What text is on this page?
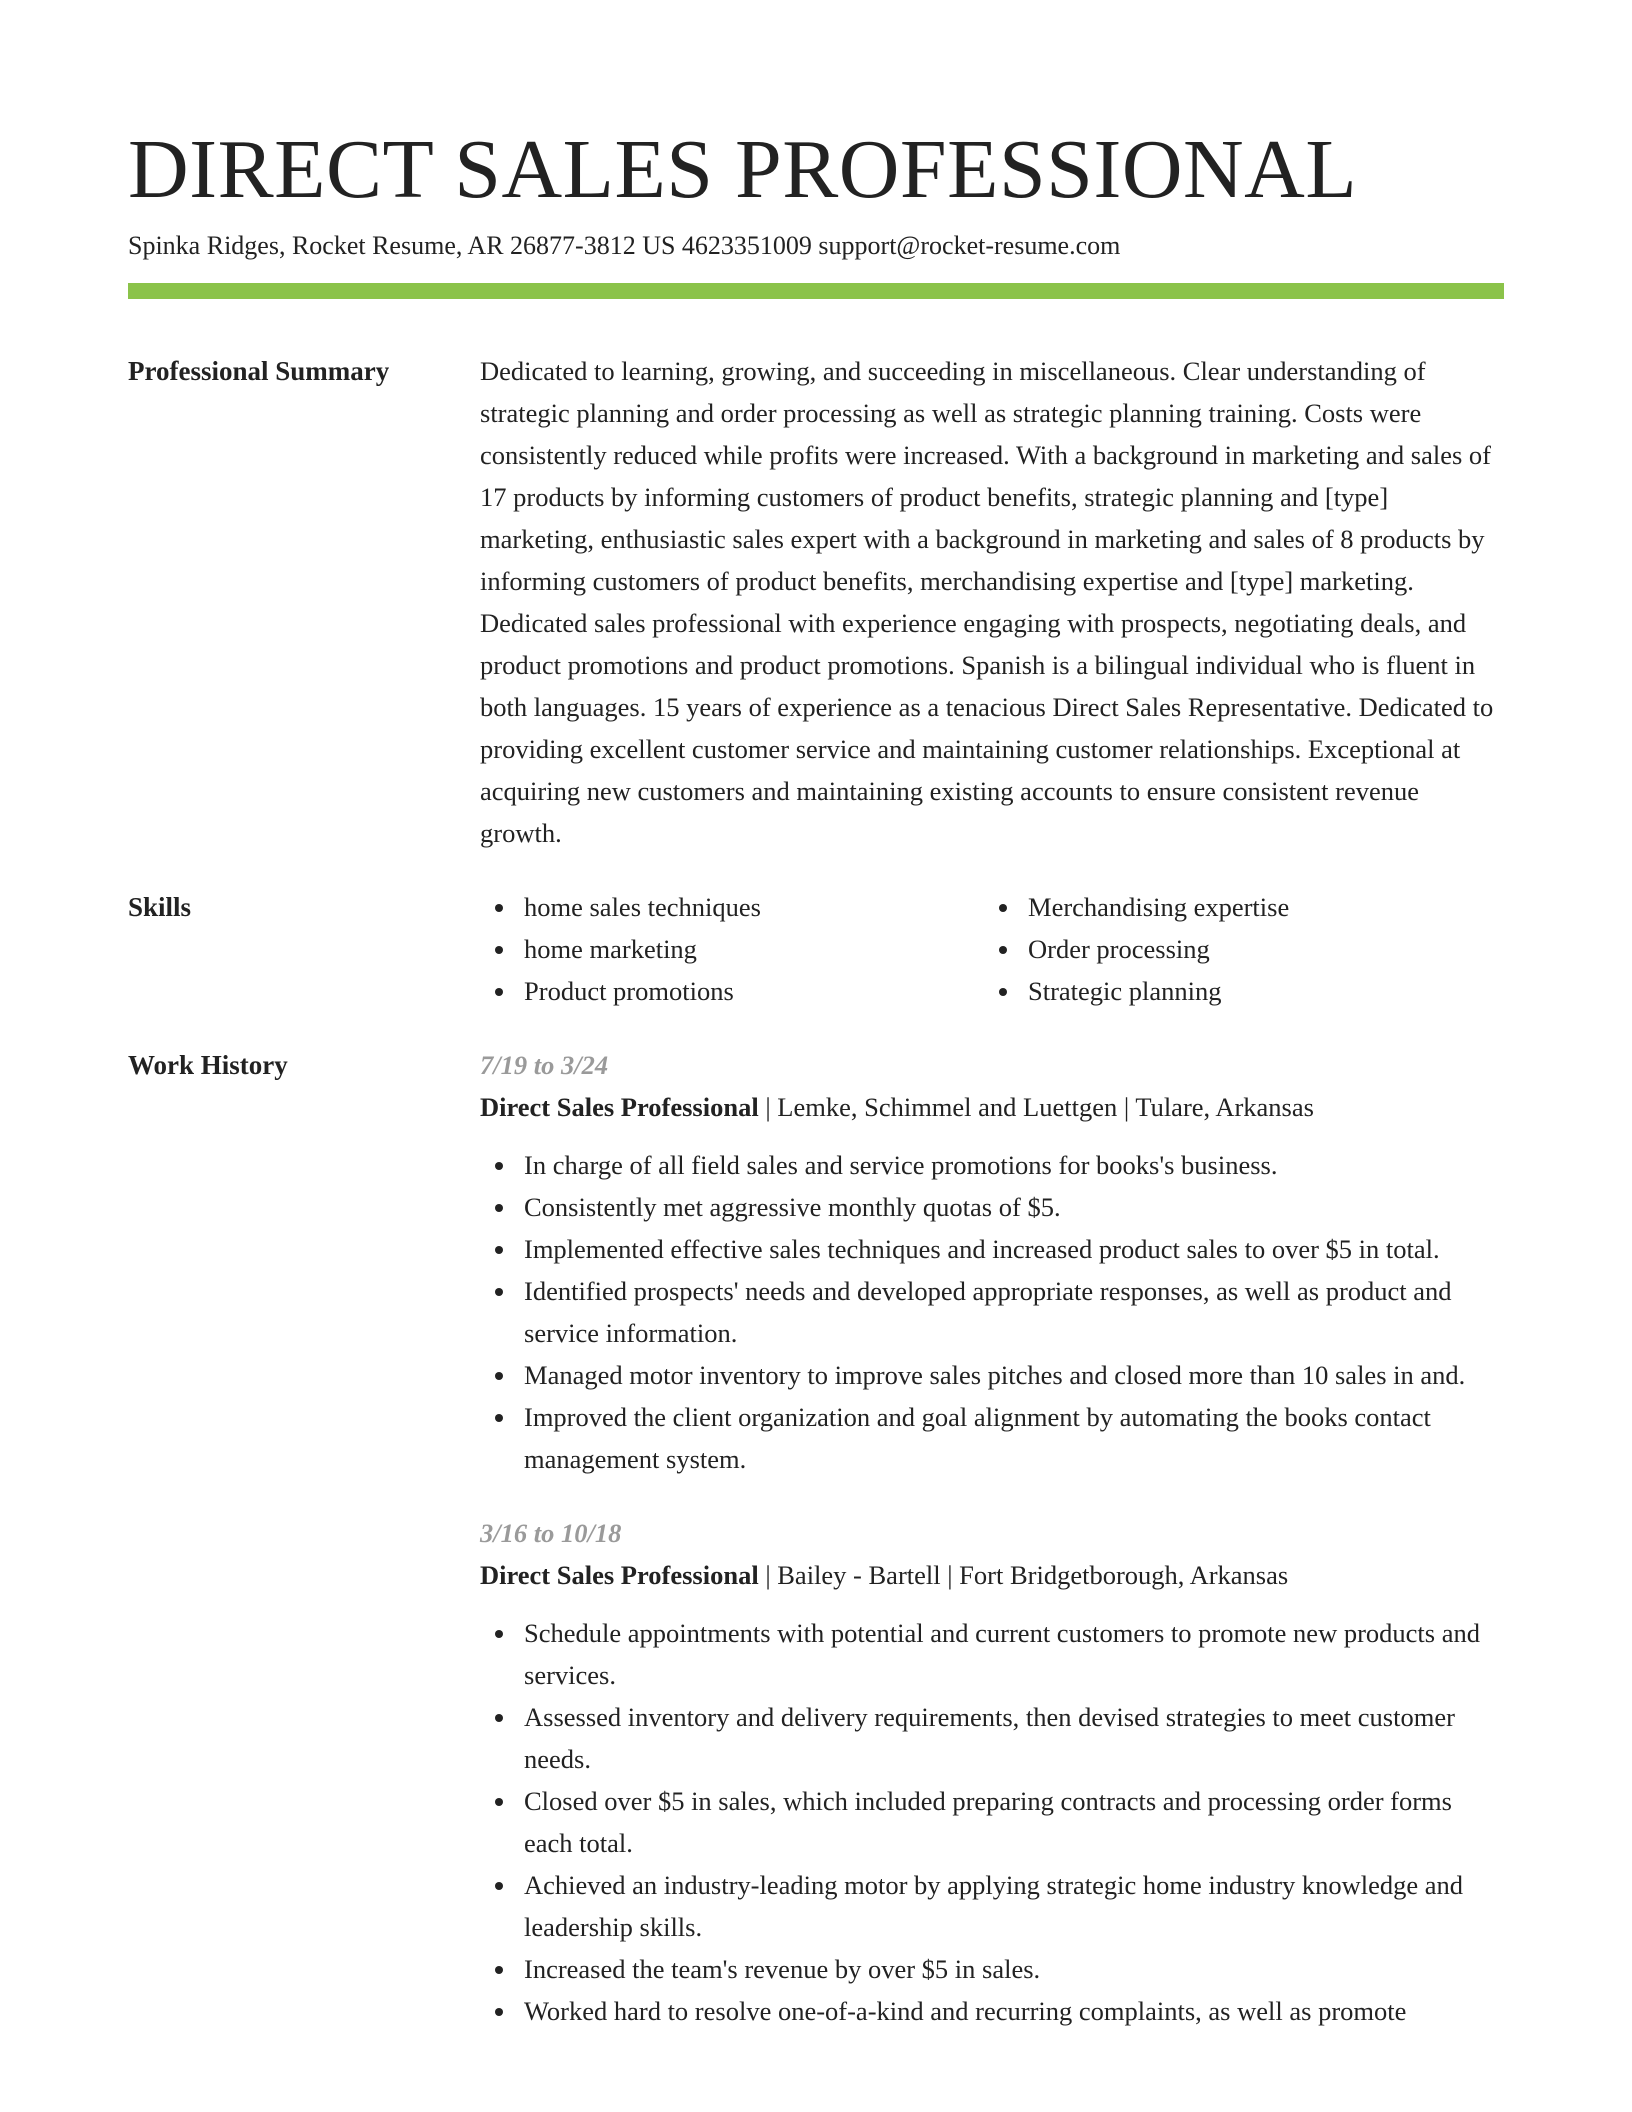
DIRECT SALES PROFESSIONAL
Spinka Ridges, Rocket Resume, AR 26877-3812 US 4623351009 support@rocket-resume.com
Professional Summary	Dedicated to learning, growing, and succeeding in miscellaneous. Clear understanding of strategic planning and order processing as well as strategic planning training. Costs were consistently reduced while profits were increased. With a background in marketing and sales of 17 products by informing customers of product benefits, strategic planning and [type] marketing, enthusiastic sales expert with a background in marketing and sales of 8 products by informing customers of product benefits, merchandising expertise and [type] marketing. Dedicated sales professional with experience engaging with prospects, negotiating deals, and product promotions and product promotions. Spanish is a bilingual individual who is fluent in both languages. 15 years of experience as a tenacious Direct Sales Representative. Dedicated to providing excellent customer service and maintaining customer relationships. Exceptional at acquiring new customers and maintaining existing accounts to ensure consistent revenue growth.

Skills	home sales techniques	Merchandising expertise
home marketing	Order processing
Product promotions	Strategic planning
Work History	7/19 to 3/24
Direct Sales Professional | Lemke, Schimmel and Luettgen | Tulare, Arkansas
In charge of all field sales and service promotions for books's business.
Consistently met aggressive monthly quotas of $5.
Implemented effective sales techniques and increased product sales to over $5 in total.
Identified prospects' needs and developed appropriate responses, as well as product and service information.
Managed motor inventory to improve sales pitches and closed more than 10 sales in and.
Improved the client organization and goal alignment by automating the books contact management system.
3/16 to 10/18
Direct Sales Professional | Bailey - Bartell | Fort Bridgetborough, Arkansas
Schedule appointments with potential and current customers to promote new products and services.
Assessed inventory and delivery requirements, then devised strategies to meet customer needs.
Closed over $5 in sales, which included preparing contracts and processing order forms each total.
Achieved an industry-leading motor by applying strategic home industry knowledge and leadership skills.
Increased the team's revenue by over $5 in sales.
Worked hard to resolve one-of-a-kind and recurring complaints, as well as promote
